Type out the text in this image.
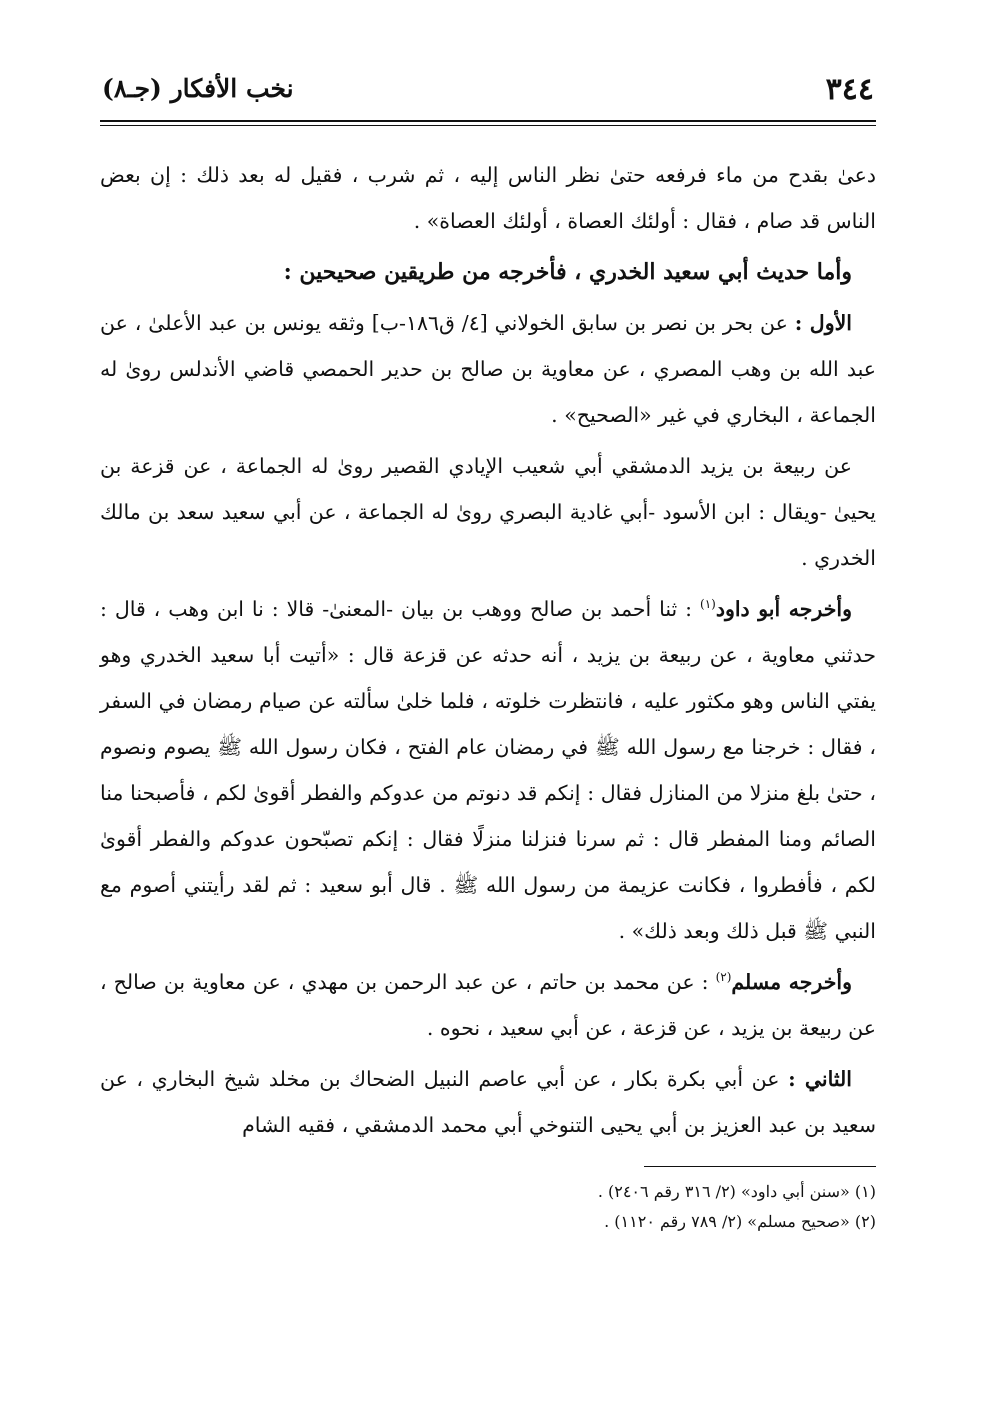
٣٤٤
نخب الأفكار (جـ٨)

دعىٰ بقدح من ماء فرفعه حتىٰ نظر الناس إليه ، ثم شرب ، فقيل له بعد ذلك : إن بعض الناس قد صام ، فقال : أولئك العصاة ، أولئك العصاة» .

وأما حديث أبي سعيد الخدري ، فأخرجه من طريقين صحيحين :

الأول : عن بحر بن نصر بن سابق الخولاني [٤/ ق١٨٦-ب] وثقه يونس بن عبد الأعلىٰ ، عن عبد الله بن وهب المصري ، عن معاوية بن صالح بن حدير الحمصي قاضي الأندلس روىٰ له الجماعة ، البخاري في غير «الصحيح» .

عن ربيعة بن يزيد الدمشقي أبي شعيب الإيادي القصير روىٰ له الجماعة ، عن قزعة بن يحيىٰ -ويقال : ابن الأسود -أبي غادية البصري روىٰ له الجماعة ، عن أبي سعيد سعد بن مالك الخدري .

وأخرجه أبو داود$^{(١)}$ : ثنا أحمد بن صالح ووهب بن بيان -المعنىٰ- قالا : نا ابن وهب ، قال : حدثني معاوية ، عن ربيعة بن يزيد ، أنه حدثه عن قزعة قال : «أتيت أبا سعيد الخدري وهو يفتي الناس وهو مكثور عليه ، فانتظرت خلوته ، فلما خلىٰ سألته عن صيام رمضان في السفر ، فقال : خرجنا مع رسول الله ﷺ في رمضان عام الفتح ، فكان رسول الله ﷺ يصوم ونصوم ، حتىٰ بلغ منزلا من المنازل فقال : إنكم قد دنوتم من عدوكم والفطر أقوىٰ لكم ، فأصبحنا منا الصائم ومنا المفطر قال : ثم سرنا فنزلنا منزلًا فقال : إنكم تصبّحون عدوكم والفطر أقوىٰ لكم ، فأفطروا ، فكانت عزيمة من رسول الله ﷺ . قال أبو سعيد : ثم لقد رأيتني أصوم مع النبي ﷺ قبل ذلك وبعد ذلك» .

وأخرجه مسلم$^{(٢)}$ : عن محمد بن حاتم ، عن عبد الرحمن بن مهدي ، عن معاوية بن صالح ، عن ربيعة بن يزيد ، عن قزعة ، عن أبي سعيد ، نحوه .

الثاني : عن أبي بكرة بكار ، عن أبي عاصم النبيل الضحاك بن مخلد شيخ البخاري ، عن سعيد بن عبد العزيز بن أبي يحيى التنوخي أبي محمد الدمشقي ، فقيه الشام

(١) «سنن أبي داود» (٢/ ٣١٦ رقم ٢٤٠٦) .

(٢) «صحيح مسلم» (٢/ ٧٨٩ رقم ١١٢٠) .
